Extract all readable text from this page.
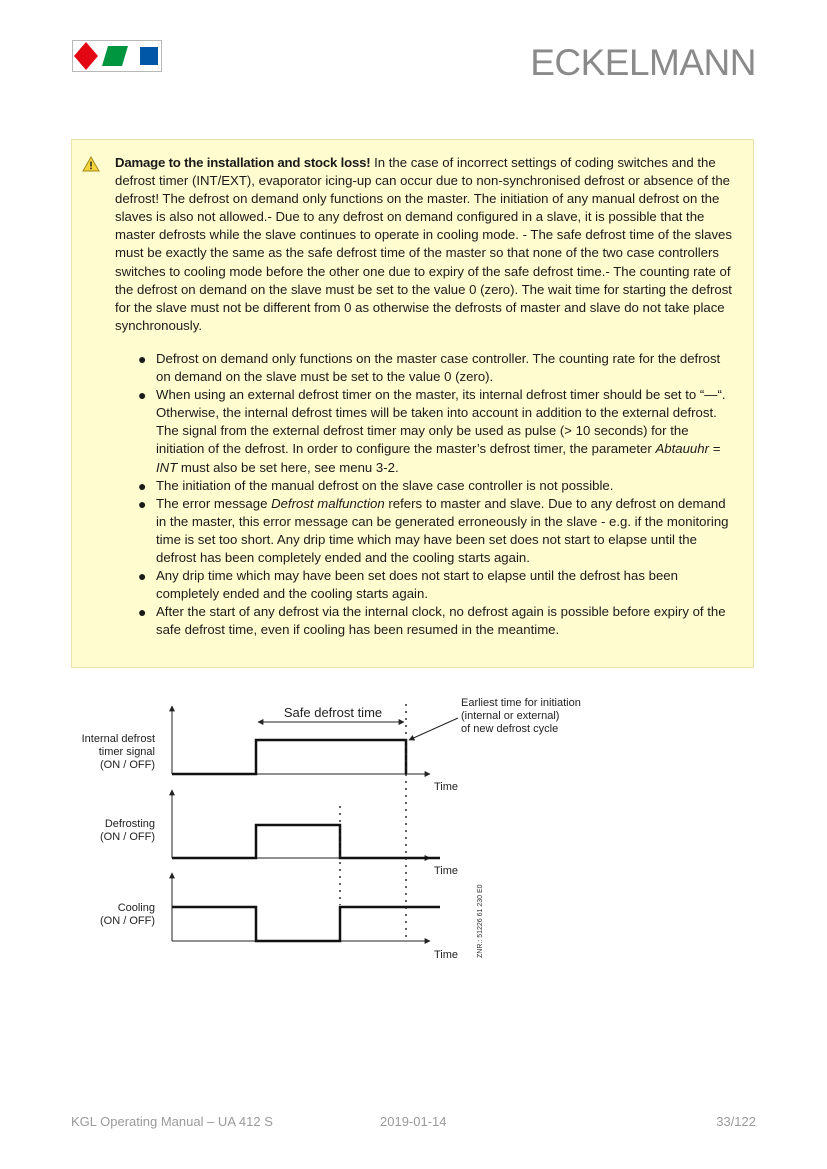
ECKELMANN
Damage to the installation and stock loss! In the case of incorrect settings of coding switches and the defrost timer (INT/EXT), evaporator icing-up can occur due to non-synchronised defrost or absence of the defrost! The defrost on demand only functions on the master. The initiation of any manual defrost on the slaves is also not allowed.- Due to any defrost on demand configured in a slave, it is possible that the master defrosts while the slave continues to operate in cooling mode. - The safe defrost time of the slaves must be exactly the same as the safe defrost time of the master so that none of the two case controllers switches to cooling mode before the other one due to expiry of the safe defrost time.- The counting rate of the defrost on demand on the slave must be set to the value 0 (zero). The wait time for starting the defrost for the slave must not be different from 0 as otherwise the defrosts of master and slave do not take place synchronously.
● Defrost on demand only functions on the master case controller. The counting rate for the defrost on demand on the slave must be set to the value 0 (zero).
● When using an external defrost timer on the master, its internal defrost timer should be set to “—“. Otherwise, the internal defrost times will be taken into account in addition to the external defrost. The signal from the external defrost timer may only be used as pulse (> 10 seconds) for the initiation of the defrost. In order to configure the master’s defrost timer, the parameter Abtauuhr = INT must also be set here, see menu 3-2.
● The initiation of the manual defrost on the slave case controller is not possible.
● The error message Defrost malfunction refers to master and slave. Due to any defrost on demand in the master, this error message can be generated erroneously in the slave - e.g. if the monitoring time is set too short. Any drip time which may have been set does not start to elapse until the defrost has been completely ended and the cooling starts again.
● Any drip time which may have been set does not start to elapse until the defrost has been completely ended and the cooling starts again.
● After the start of any defrost via the internal clock, no defrost again is possible before expiry of the safe defrost time, even if cooling has been resumed in the meantime.
Safe defrost time
Earliest time for initiation
(internal or external)
of new defrost cycle
Internal defrost
timer signal
(ON / OFF)
Time
Defrosting
(ON / OFF)
Time
Cooling
(ON / OFF)
Time	ZNR.: 51226 61 230 E0
KGL Operating Manual – UA 412 S	2019-01-14	33/122
